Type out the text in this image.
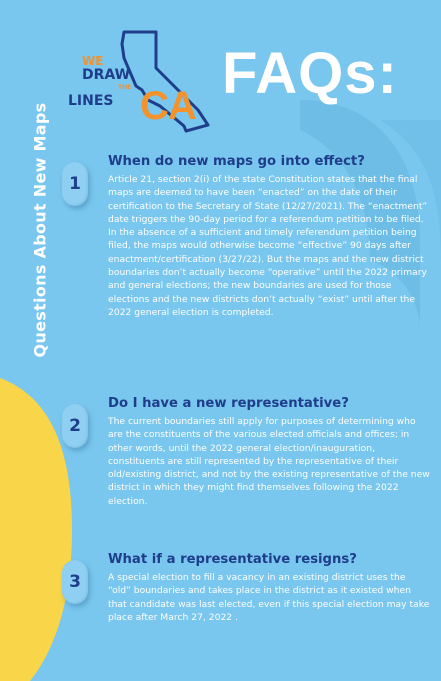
Questions About New Maps
WE
DRAW
THE
LINES CA FAQs:
1
When do new maps go into effect?
Article 21, section 2(i) of the state Constitution states that the final maps are deemed to have been “enacted” on the date of their certification to the Secretary of State (12/27/2021). The “enactment” date triggers the 90-day period for a referendum petition to be filed. In the absence of a sufficient and timely referendum petition being filed, the maps would otherwise become “effective” 90 days after enactment/certification (3/27/22). But the maps and the new district boundaries don’t actually become “operative” until the 2022 primary and general elections; the new boundaries are used for those elections and the new districts don’t actually “exist” until after the 2022 general election is completed.
2
Do I have a new representative?
The current boundaries still apply for purposes of determining who are the constituents of the various elected officials and offices; in other words, until the 2022 general election/inauguration, constituents are still represented by the representative of their old/existing district, and not by the existing representative of the new district in which they might find themselves following the 2022 election.
3
What if a representative resigns?
A special election to fill a vacancy in an existing district uses the “old” boundaries and takes place in the district as it existed when that candidate was last elected, even if this special election may take place after March 27, 2022 .
